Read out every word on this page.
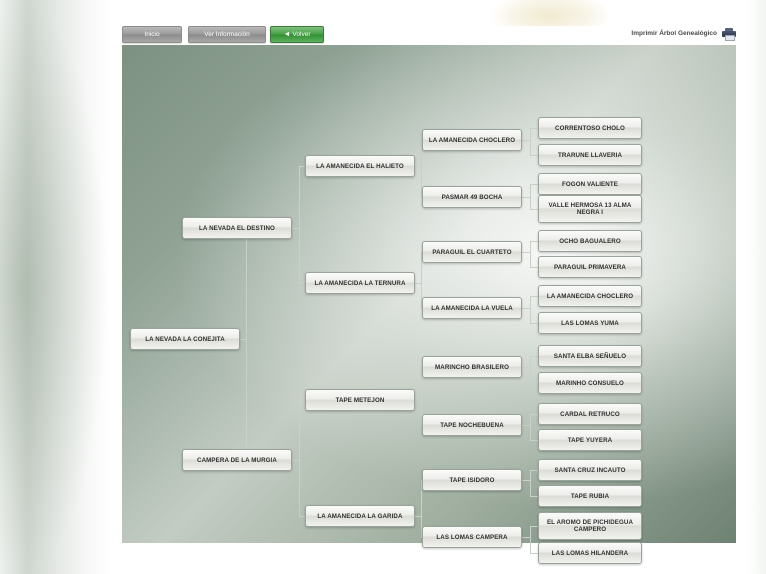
Inicio	Ver Información	◄ Volver	Imprimir Árbol Genealógico
LA NEVADA LA CONEJITA
LA NEVADA EL DESTINO
CAMPERA DE LA MURGIA
LA AMANECIDA EL HALIETO
LA AMANECIDA LA TERNURA
TAPE METEJON
LA AMANECIDA LA GARIDA
LA AMANECIDA CHOCLERO
PASMAR 49 BOCHA
PARAGUIL EL CUARTETO
LA AMANECIDA LA VUELA
MARINCHO BRASILERO
TAPE NOCHEBUENA
TAPE ISIDORO
LAS LOMAS CAMPERA
CORRENTOSO CHOLO
TRARUNE LLAVERIA
FOGON VALIENTE
VALLE HERMOSA 13 ALMA NEGRA I
OCHO BAGUALERO
PARAGUIL PRIMAVERA
LA AMANECIDA CHOCLERO
LAS LOMAS YUMA
SANTA ELBA SEÑUELO
MARINHO CONSUELO
CARDAL RETRUCO
TAPE YUYERA
SANTA CRUZ INCAUTO
TAPE RUBIA
EL AROMO DE PICHIDEGUA CAMPERO
LAS LOMAS HILANDERA
